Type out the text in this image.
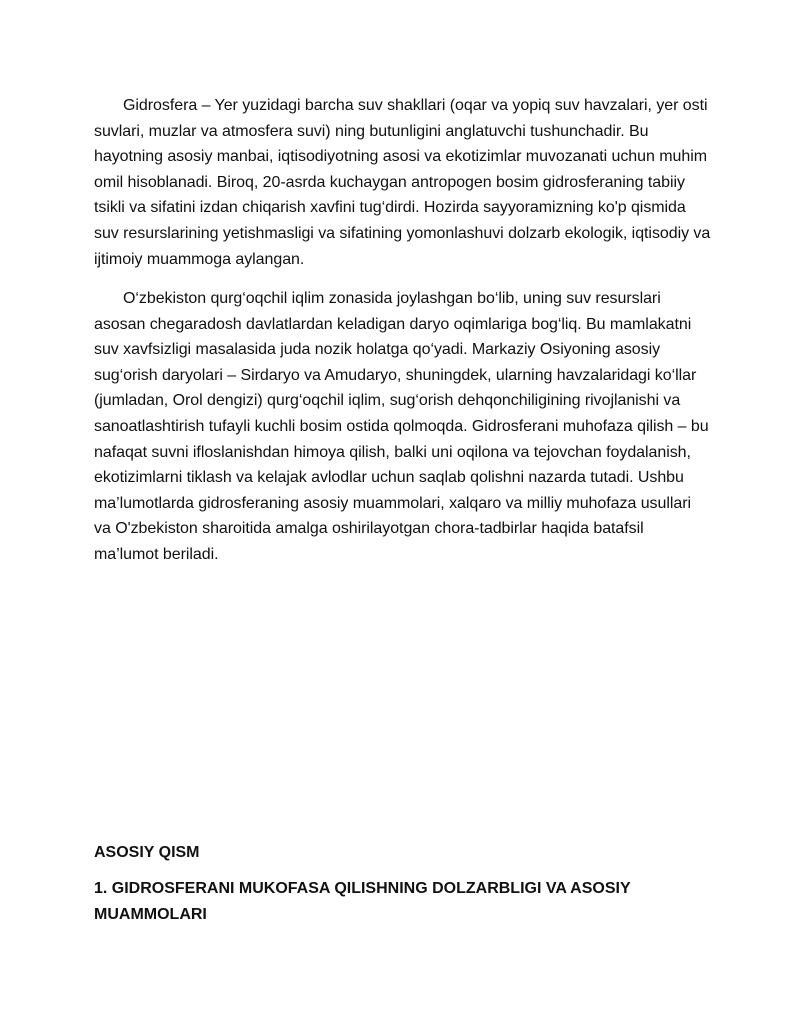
Gidrosfera – Yer yuzidagi barcha suv shakllari (oqar va yopiq suv havzalari, yer osti suvlari, muzlar va atmosfera suvi) ning butunligini anglatuvchi tushunchadir. Bu hayotning asosiy manbai, iqtisodiyotning asosi va ekotizimlar muvozanati uchun muhim omil hisoblanadi. Biroq, 20-asrda kuchaygan antropogen bosim gidrosferaning tabiiy tsikli va sifatini izdan chiqarish xavfini tug‘dirdi. Hozirda sayyoramizning ko'p qismida suv resurslarining yetishmasligi va sifatining yomonlashuvi dolzarb ekologik, iqtisodiy va ijtimoiy muammoga aylangan.

O‘zbekiston qurg‘oqchil iqlim zonasida joylashgan bo‘lib, uning suv resurslari asosan chegaradosh davlatlardan keladigan daryo oqimlariga bog‘liq. Bu mamlakatni suv xavfsizligi masalasida juda nozik holatga qo‘yadi. Markaziy Osiyoning asosiy sug‘orish daryolari – Sirdaryo va Amudaryo, shuningdek, ularning havzalaridagi ko‘llar (jumladan, Orol dengizi) qurg‘oqchil iqlim, sug‘orish dehqonchiligining rivojlanishi va sanoatlashtirish tufayli kuchli bosim ostida qolmoqda. Gidrosferani muhofaza qilish – bu nafaqat suvni ifloslanishdan himoya qilish, balki uni oqilona va tejovchan foydalanish, ekotizimlarni tiklash va kelajak avlodlar uchun saqlab qolishni nazarda tutadi. Ushbu ma’lumotlarda gidrosferaning asosiy muammolari, xalqaro va milliy muhofaza usullari va O'zbekiston sharoitida amalga oshirilayotgan chora-tadbirlar haqida batafsil ma’lumot beriladi.

ASOSIY QISM
1. GIDROSFERANI MUKOFASA QILISHNING DOLZARBLIGI VA ASOSIY MUAMMOLARI
